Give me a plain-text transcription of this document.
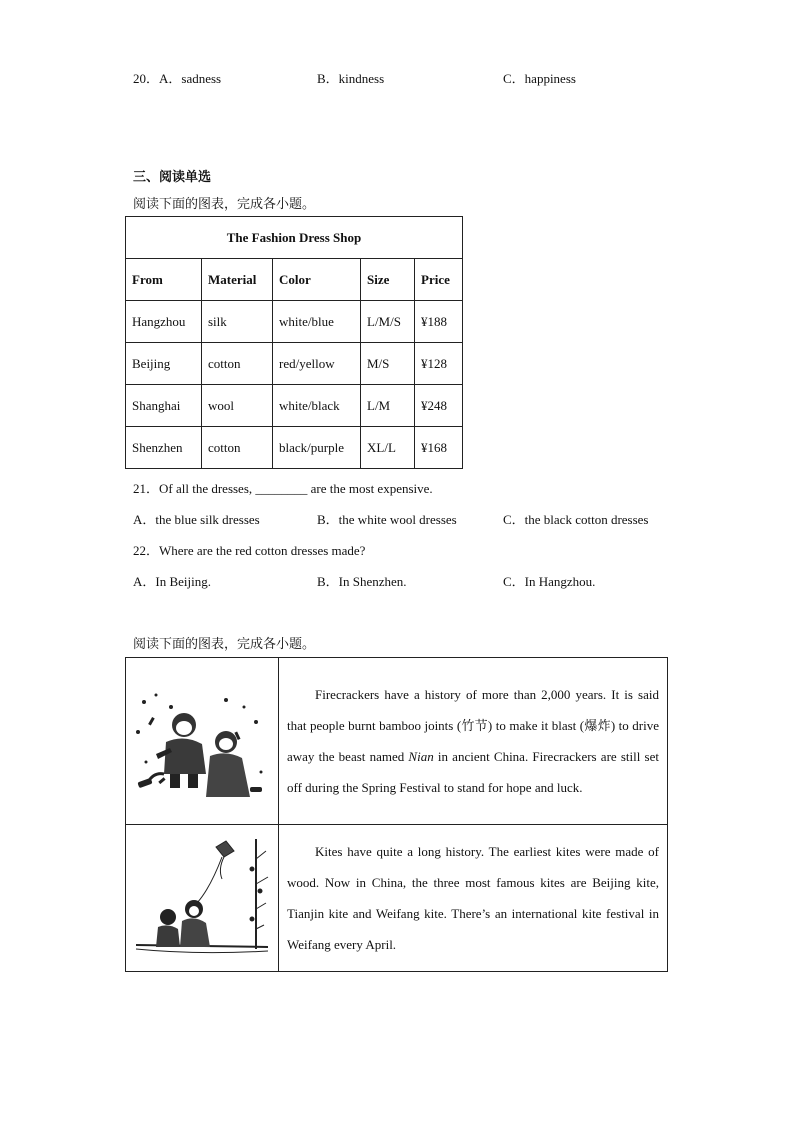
20．A．sadness	B．kindness	C．happiness
三、阅读单选
阅读下面的图表，完成各小题。
The Fashion Dress Shop				
From	Material	Color	Size	Price
Hangzhou	silk	white/blue	L/M/S	¥188
Beijing	cotton	red/yellow	M/S	¥128
Shanghai	wool	white/black	L/M	¥248
Shenzhen	cotton	black/purple	XL/L	¥168
21．Of all the dresses, ________ are the most expensive.
A．the blue silk dresses	B．the white wool dresses	C．the black cotton dresses
22．Where are the red cotton dresses made?
A．In Beijing.	B．In Shenzhen.	C．In Hangzhou.
阅读下面的图表，完成各小题。
	Firecrackers have a history of more than 2,000 years. It is said that people burnt bamboo joints (竹节) to make it blast (爆炸) to drive away the beast named Nian in ancient China. Firecrackers are still set off during the Spring Festival to stand for hope and luck.
	Kites have quite a long history. The earliest kites were made of wood. Now in China, the three most famous kites are Beijing kite, Tianjin kite and Weifang kite. There’s an international kite festival in Weifang every April.
